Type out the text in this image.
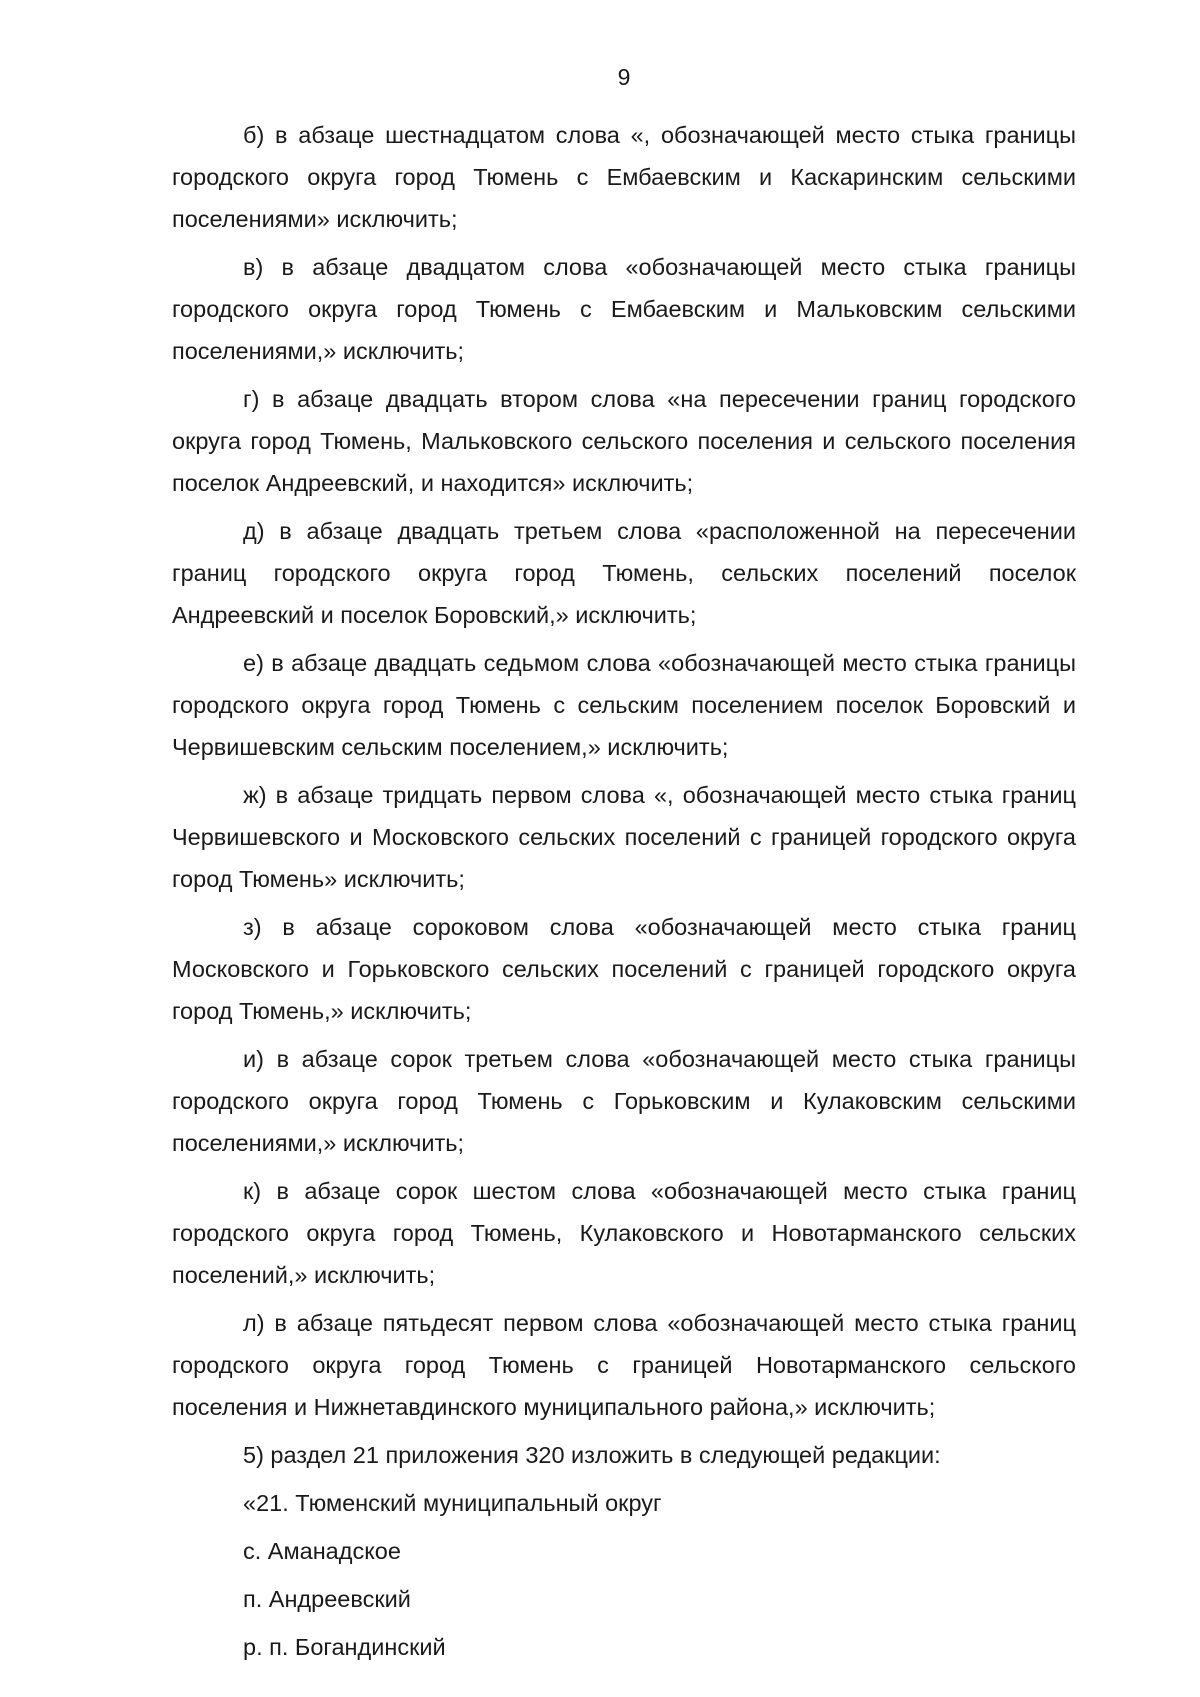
9

б) в абзаце шестнадцатом слова «, обозначающей место стыка границы городского округа город Тюмень с Ембаевским и Каскаринским сельскими поселениями» исключить;

в) в абзаце двадцатом слова «обозначающей место стыка границы городского округа город Тюмень с Ембаевским и Мальковским сельскими поселениями,» исключить;

г) в абзаце двадцать втором слова «на пересечении границ городского округа город Тюмень, Мальковского сельского поселения и сельского поселения поселок Андреевский, и находится» исключить;

д) в абзаце двадцать третьем слова «расположенной на пересечении границ городского округа город Тюмень, сельских поселений поселок Андреевский и поселок Боровский,» исключить;

е) в абзаце двадцать седьмом слова «обозначающей место стыка границы городского округа город Тюмень с сельским поселением поселок Боровский и Червишевским сельским поселением,» исключить;

ж) в абзаце тридцать первом слова «, обозначающей место стыка границ Червишевского и Московского сельских поселений с границей городского округа город Тюмень» исключить;

з) в абзаце сороковом слова «обозначающей место стыка границ Московского и Горьковского сельских поселений с границей городского округа город Тюмень,» исключить;

и) в абзаце сорок третьем слова «обозначающей место стыка границы городского округа город Тюмень с Горьковским и Кулаковским сельскими поселениями,» исключить;

к) в абзаце сорок шестом слова «обозначающей место стыка границ городского округа город Тюмень, Кулаковского и Новотарманского сельских поселений,» исключить;

л) в абзаце пятьдесят первом слова «обозначающей место стыка границ городского округа город Тюмень с границей Новотарманского сельского поселения и Нижнетавдинского муниципального района,» исключить;

5) раздел 21 приложения 320 изложить в следующей редакции:

«21. Тюменский муниципальный округ

с. Аманадское

п. Андреевский

р. п. Богандинский
